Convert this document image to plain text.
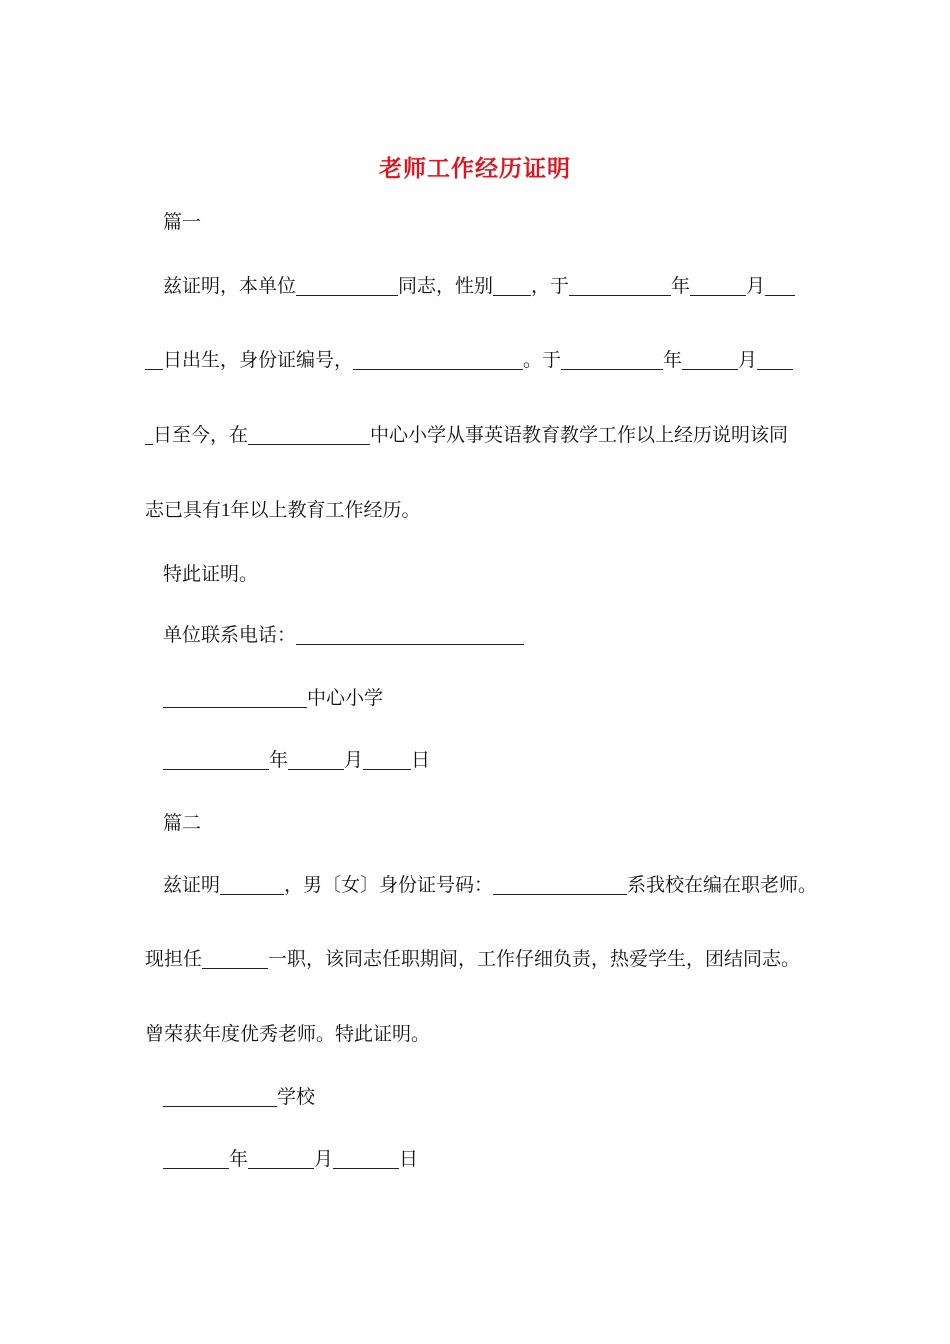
老师工作经历证明
篇一
兹证明，本单位	同志，性别 ，于	年	月
日出生，身份证编号，	。于	年	月
日至今，在	中心小学从事英语教育教学工作以上经历说明该同
志已具有1年以上教育工作经历。
特此证明。
单位联系电话：
中心小学
年	月	日
篇二
兹证明	，男〔女〕身份证号码：	系我校在编在职老师。
现担任	一职，该同志任职期间，工作仔细负责，热爱学生，团结同志。
曾荣获年度优秀老师。特此证明。
学校
年	月	日
